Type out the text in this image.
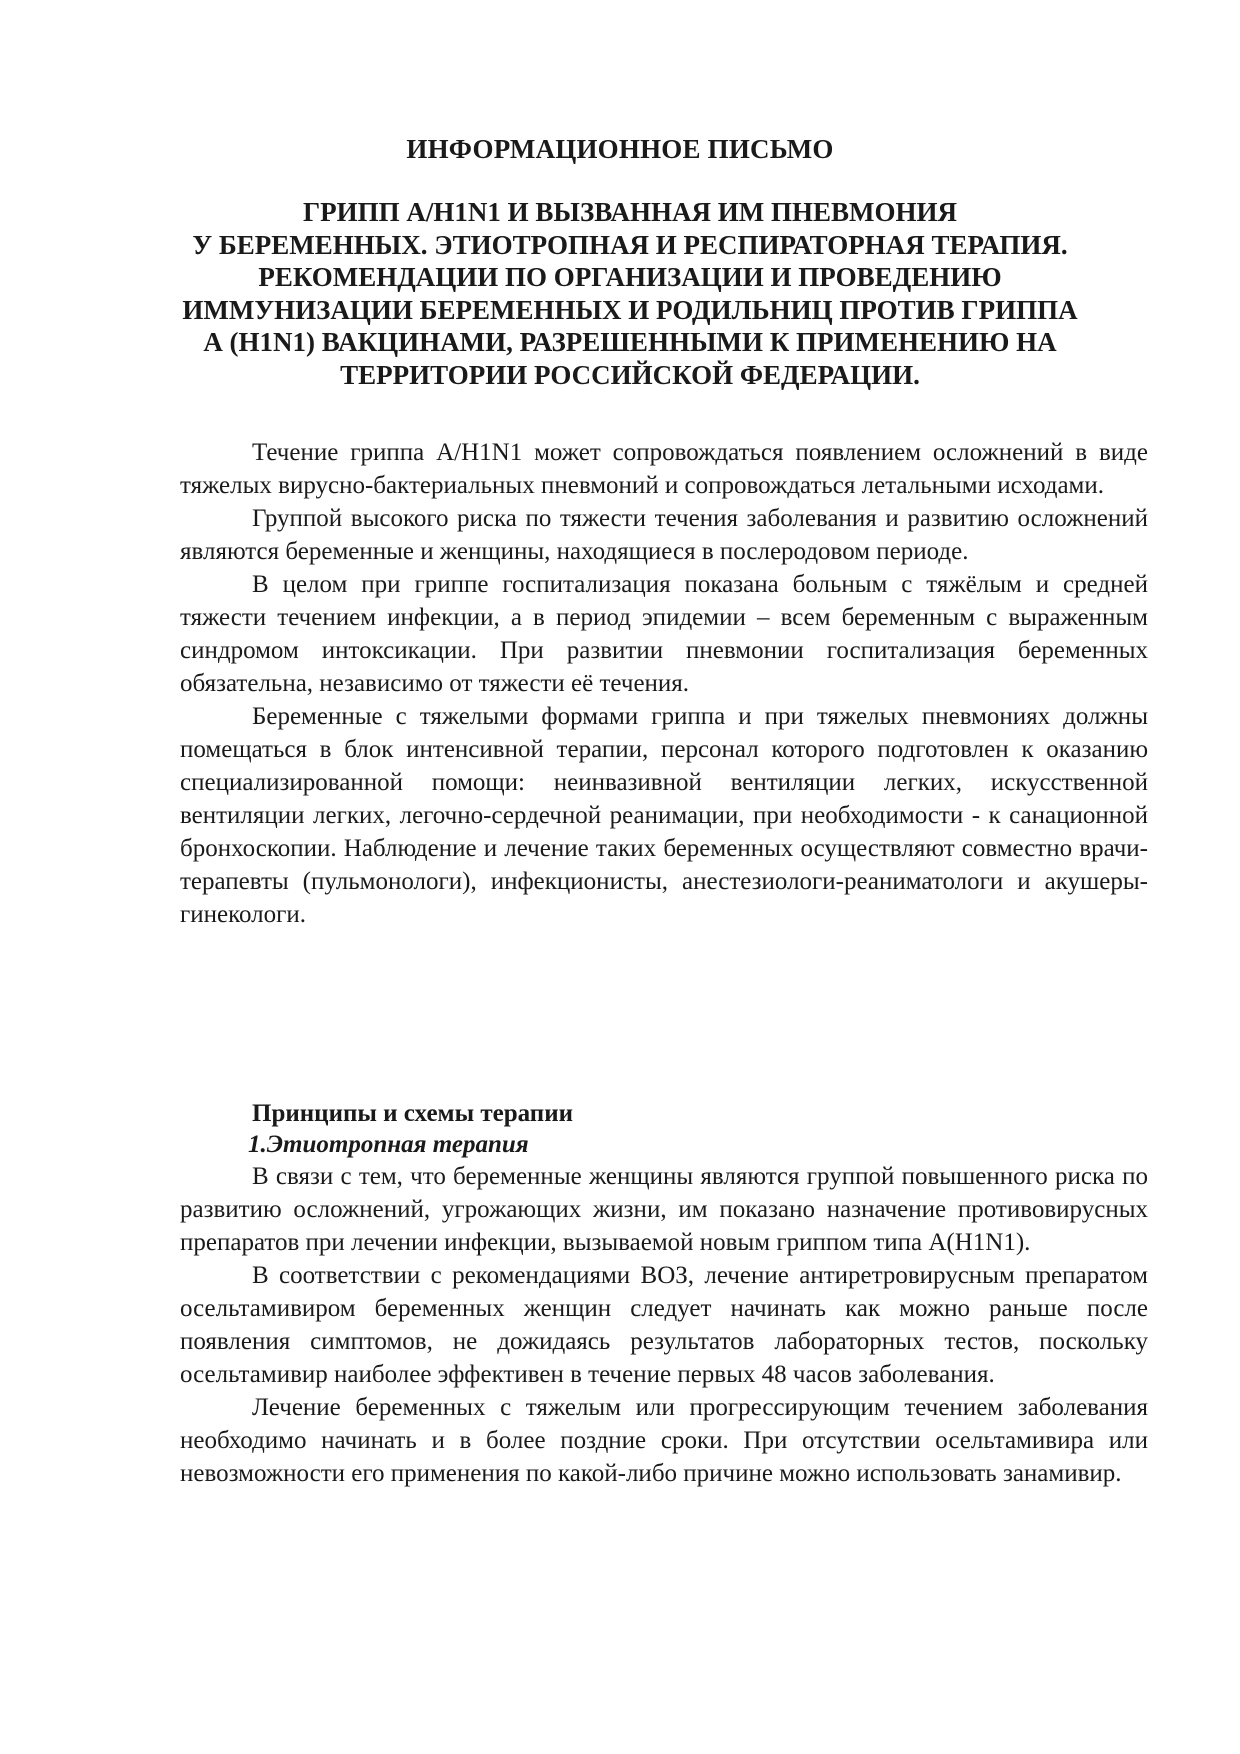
ИНФОРМАЦИОННОЕ ПИСЬМО
ГРИПП А/H1N1 И ВЫЗВАННАЯ ИМ ПНЕВМОНИЯ
У БЕРЕМЕННЫХ. ЭТИОТРОПНАЯ И РЕСПИРАТОРНАЯ ТЕРАПИЯ.
РЕКОМЕНДАЦИИ ПО ОРГАНИЗАЦИИ И ПРОВЕДЕНИЮ
ИММУНИЗАЦИИ БЕРЕМЕННЫХ И РОДИЛЬНИЦ ПРОТИВ ГРИППА
А (H1N1) ВАКЦИНАМИ, РАЗРЕШЕННЫМИ К ПРИМЕНЕНИЮ НА
ТЕРРИТОРИИ РОССИЙСКОЙ ФЕДЕРАЦИИ.

Течение гриппа А/H1N1 может сопровождаться появлением осложнений в виде тяжелых вирусно-бактериальных пневмоний и сопровождаться летальными исходами.

Группой высокого риска по тяжести течения заболевания и развитию осложнений являются беременные и женщины, находящиеся в послеродовом периоде.

В целом при гриппе госпитализация показана больным с тяжёлым и средней тяжести течением инфекции, а в период эпидемии – всем беременным с выраженным синдромом интоксикации. При развитии пневмонии госпитализация беременных обязательна, независимо от тяжести её течения.

Беременные с тяжелыми формами гриппа и при тяжелых пневмониях должны помещаться в блок интенсивной терапии, персонал которого подготовлен к оказанию специализированной помощи: неинвазивной вентиляции легких, искусственной вентиляции легких, легочно-сердечной реанимации, при необходимости - к санационной бронхоскопии. Наблюдение и лечение таких беременных осуществляют совместно врачи-терапевты (пульмонологи), инфекционисты, анестезиологи-реаниматологи и акушеры-гинекологи.

Принципы и схемы терапии
1.Этиотропная терапия

В связи с тем, что беременные женщины являются группой повышенного риска по развитию осложнений, угрожающих жизни, им показано назначение противовирусных препаратов при лечении инфекции, вызываемой новым гриппом типа А(H1N1).

В соответствии с рекомендациями ВОЗ, лечение антиретровирусным препаратом осельтамивиром беременных женщин следует начинать как можно раньше после появления симптомов, не дожидаясь результатов лабораторных тестов, поскольку осельтамивир наиболее эффективен в течение первых 48 часов заболевания.

Лечение беременных с тяжелым или прогрессирующим течением заболевания необходимо начинать и в более поздние сроки. При отсутствии осельтамивира или невозможности его применения по какой-либо причине можно использовать занамивир.
